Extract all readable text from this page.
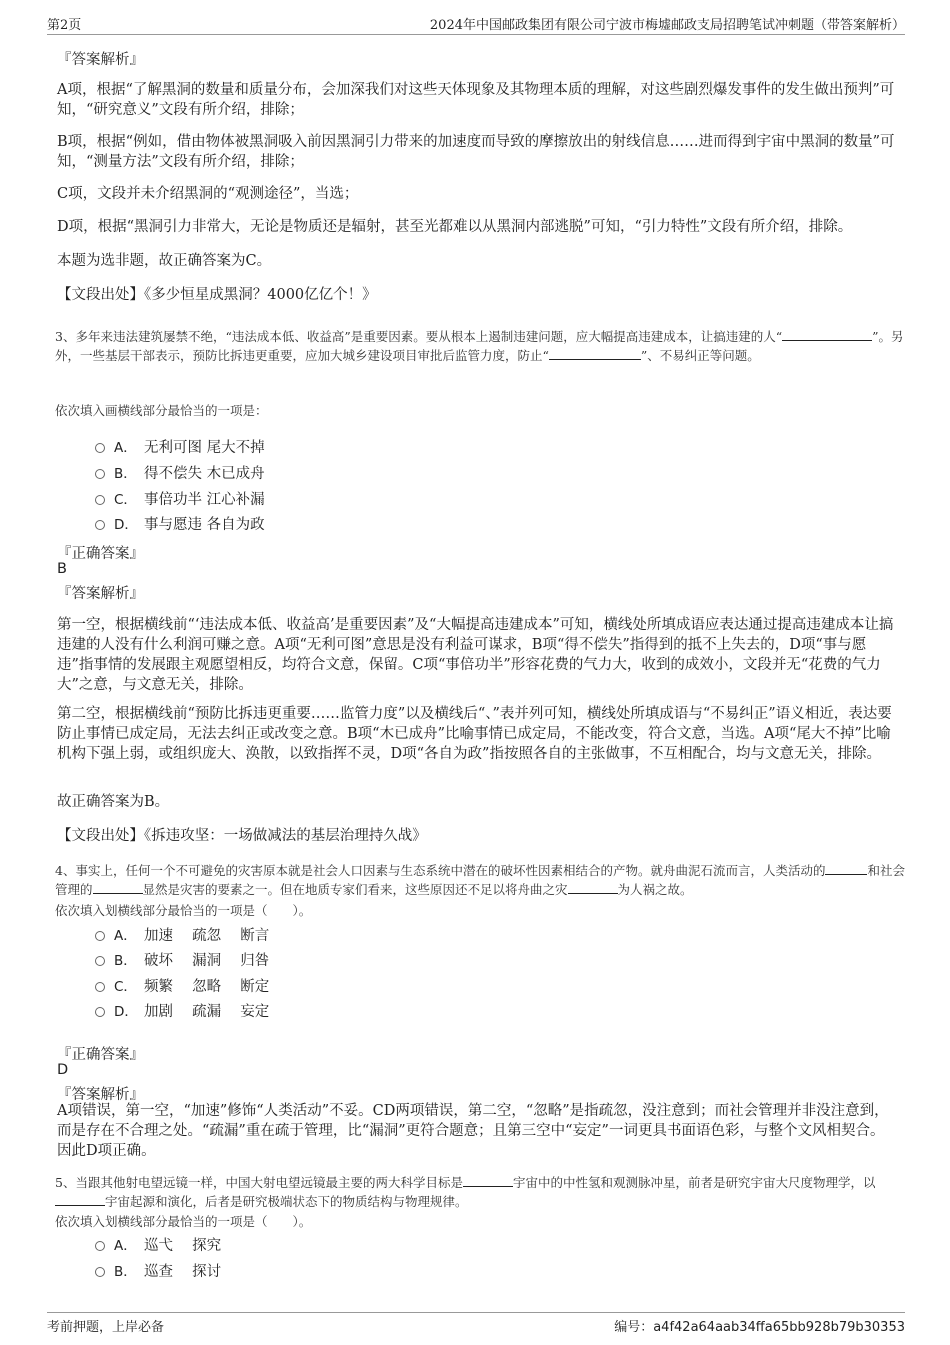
第2页	2024年中国邮政集团有限公司宁波市梅墟邮政支局招聘笔试冲刺题（带答案解析）
『答案解析』
A项，根据“了解黑洞的数量和质量分布，会加深我们对这些天体现象及其物理本质的理解，对这些剧烈爆发事件的发生做出预判”可知，“研究意义”文段有所介绍，排除；
B项，根据“例如，借由物体被黑洞吸入前因黑洞引力带来的加速度而导致的摩擦放出的射线信息……进而得到宇宙中黑洞的数量”可知，“测量方法”文段有所介绍，排除；
C项，文段并未介绍黑洞的“观测途径”，当选；
D项，根据“黑洞引力非常大，无论是物质还是辐射，甚至光都难以从黑洞内部逃脱”可知，“引力特性”文段有所介绍，排除。
本题为选非题，故正确答案为C。
【文段出处】《多少恒星成黑洞？4000亿亿个！》
3、多年来违法建筑屡禁不绝，“违法成本低、收益高”是重要因素。要从根本上遏制违建问题，应大幅提高违建成本，让搞违建的人“	”。另外，一些基层干部表示，预防比拆违更重要，应加大城乡建设项目审批后监管力度，防止“	”、不易纠正等问题。
依次填入画横线部分最恰当的一项是：
A． 无利可图 尾大不掉
B． 得不偿失 木已成舟
C． 事倍功半 江心补漏
D． 事与愿违 各自为政
『正确答案』
B
『答案解析』
第一空，根据横线前“‘违法成本低、收益高’是重要因素”及“大幅提高违建成本”可知，横线处所填成语应表达通过提高违建成本让搞违建的人没有什么利润可赚之意。A项“无利可图”意思是没有利益可谋求，B项“得不偿失”指得到的抵不上失去的，D项“事与愿违”指事情的发展跟主观愿望相反，均符合文意，保留。C项“事倍功半”形容花费的气力大，收到的成效小，文段并无“花费的气力大”之意，与文意无关，排除。
第二空，根据横线前“预防比拆违更重要……监管力度”以及横线后“、”表并列可知，横线处所填成语与“不易纠正”语义相近，表达要防止事情已成定局，无法去纠正或改变之意。B项“木已成舟”比喻事情已成定局，不能改变，符合文意，当选。A项“尾大不掉”比喻机构下强上弱，或组织庞大、涣散，以致指挥不灵，D项“各自为政”指按照各自的主张做事，不互相配合，均与文意无关，排除。
故正确答案为B。
【文段出处】《拆违攻坚：一场做减法的基层治理持久战》
4、事实上，任何一个不可避免的灾害原本就是社会人口因素与生态系统中潜在的破坏性因素相结合的产物。就舟曲泥石流而言，人类活动的	和社会管理的	显然是灾害的要素之一。但在地质专家们看来，这些原因还不足以将舟曲之灾	为人祸之故。
依次填入划横线部分最恰当的一项是（　　）。
A． 加速　 疏忽　 断言
B． 破坏　 漏洞　 归咎
C． 频繁　 忽略　 断定
D． 加剧　 疏漏　 妄定
『正确答案』
D
『答案解析』
A项错误，第一空，“加速”修饰“人类活动”不妥。CD两项错误，第二空，“忽略”是指疏忽，没注意到；而社会管理并非没注意到，而是存在不合理之处。“疏漏”重在疏于管理，比“漏洞”更符合题意；且第三空中“妄定”一词更具书面语色彩，与整个文风相契合。因此D项正确。
5、当跟其他射电望远镜一样，中国大射电望远镜最主要的两大科学目标是	宇宙中的中性氢和观测脉冲星，前者是研究宇宙大尺度物理学，以宇宙起源和演化，后者是研究极端状态下的物质结构与物理规律。
依次填入划横线部分最恰当的一项是（　　）。
A． 巡弋　 探究
B． 巡查　 探讨
考前押题，上岸必备	编号：a4f42a64aab34ffa65bb928b79b30353
